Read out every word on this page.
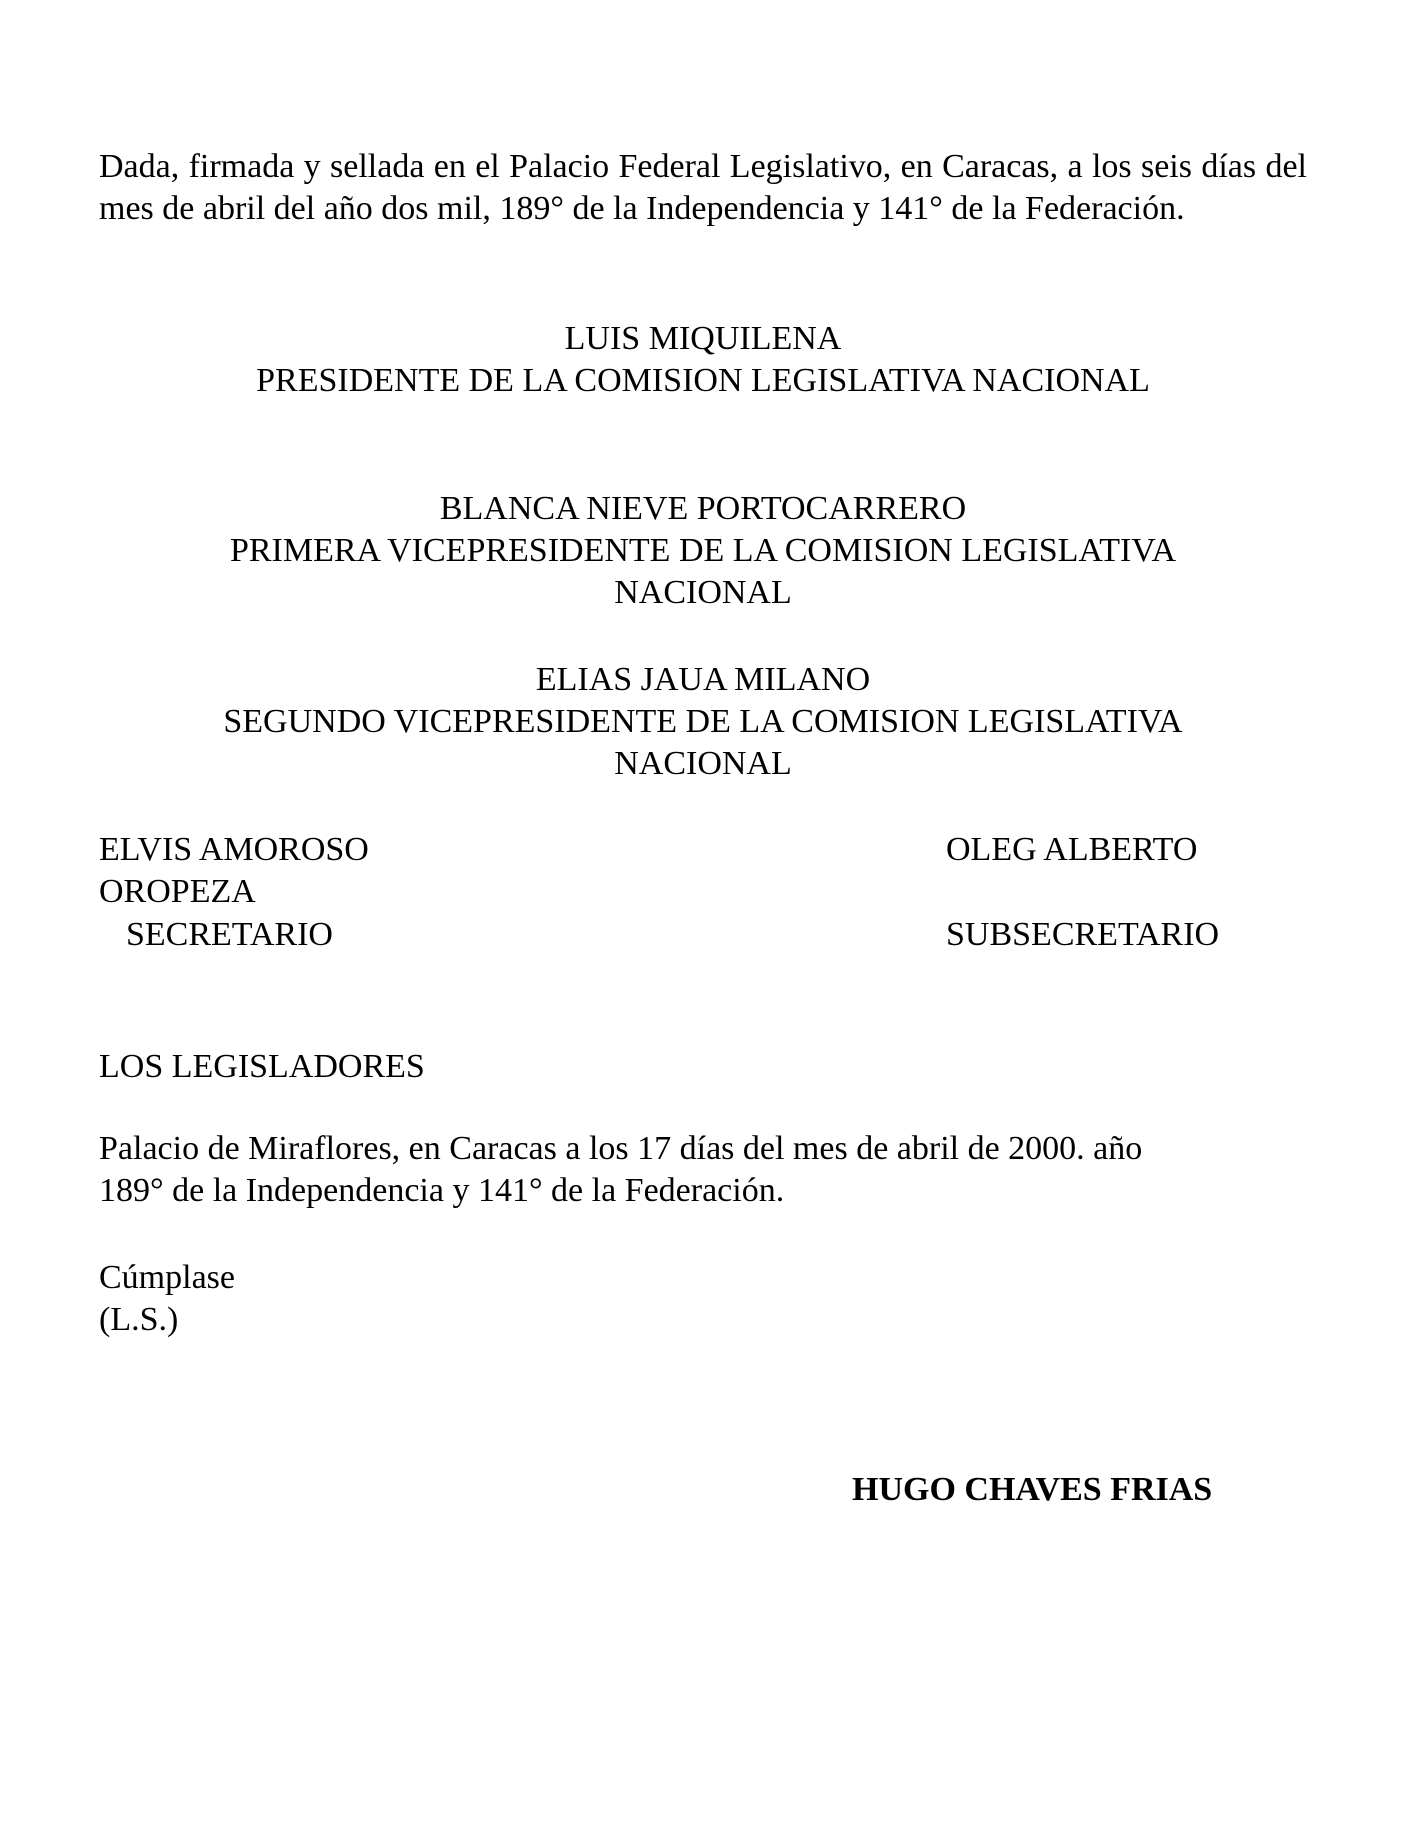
Dada, firmada y sellada en el Palacio Federal Legislativo, en Caracas, a los seis días del mes de abril del año dos mil, 189° de la Independencia y 141° de la Federación.

LUIS MIQUILENA
PRESIDENTE DE LA COMISION LEGISLATIVA NACIONAL
BLANCA NIEVE PORTOCARRERO
PRIMERA VICEPRESIDENTE DE LA COMISION LEGISLATIVA
NACIONAL
ELIAS JAUA MILANO
SEGUNDO VICEPRESIDENTE DE LA COMISION LEGISLATIVA
NACIONAL
ELVIS AMOROSO
OROPEZA
SECRETARIO
OLEG ALBERTO
SUBSECRETARIO
LOS LEGISLADORES
Palacio de Miraflores, en Caracas a los 17 días del mes de abril de 2000. año
189° de la Independencia y 141° de la Federación.
Cúmplase
(L.S.)
HUGO CHAVES FRIAS
